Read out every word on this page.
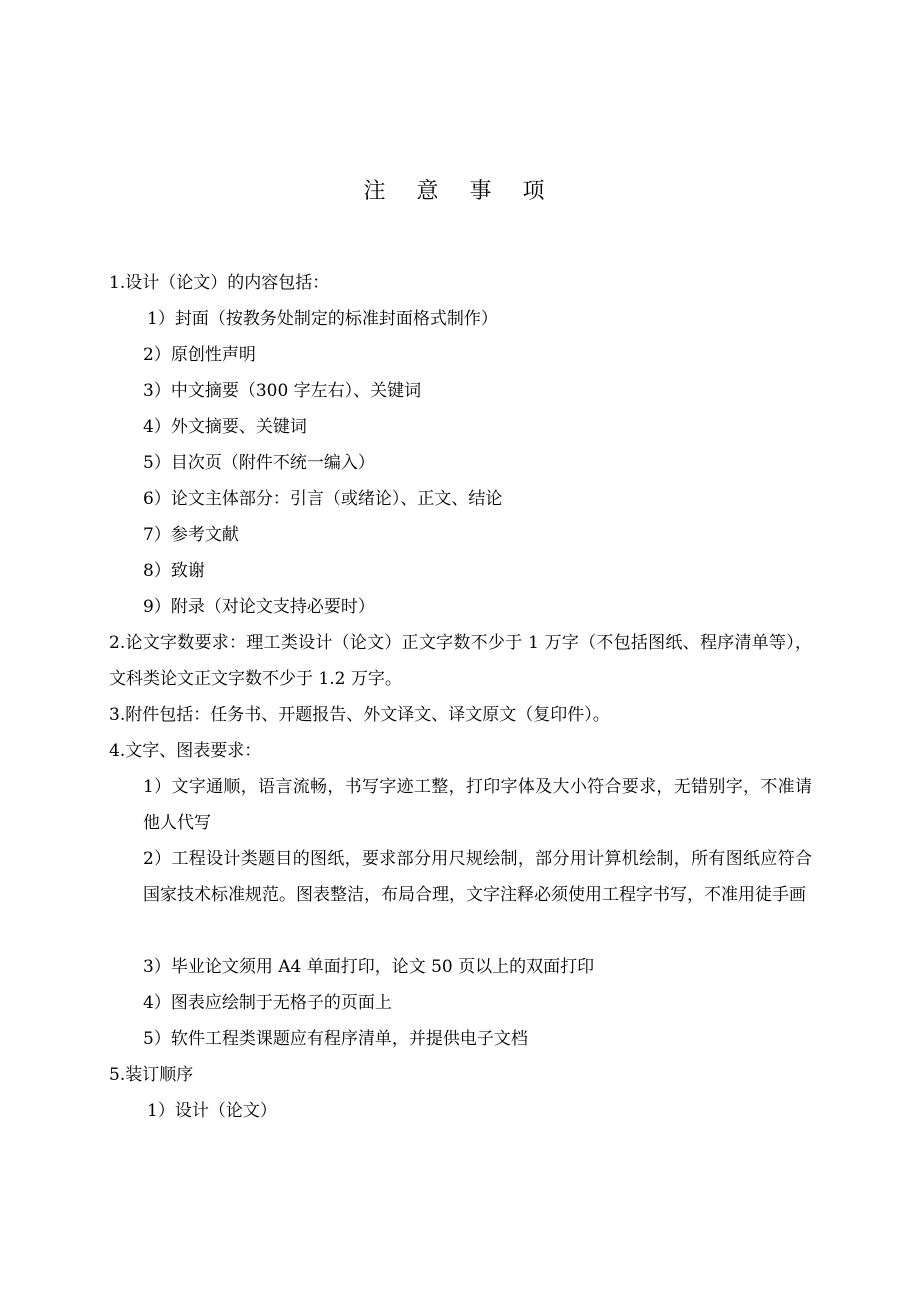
注 意 事 项
1.设计（论文）的内容包括：
1）封面（按教务处制定的标准封面格式制作）
2）原创性声明
3）中文摘要（300 字左右）、关键词
4）外文摘要、关键词
5）目次页（附件不统一编入）
6）论文主体部分：引言（或绪论）、正文、结论
7）参考文献
8）致谢
9）附录（对论文支持必要时）
2.论文字数要求：理工类设计（论文）正文字数不少于 1 万字（不包括图纸、程序清单等），文科类论文正文字数不少于 1.2 万字。
3.附件包括：任务书、开题报告、外文译文、译文原文（复印件）。
4.文字、图表要求：
1）文字通顺，语言流畅，书写字迹工整，打印字体及大小符合要求，无错别字，不准请他人代写
2）工程设计类题目的图纸，要求部分用尺规绘制，部分用计算机绘制，所有图纸应符合国家技术标准规范。图表整洁，布局合理，文字注释必须使用工程字书写，不准用徒手画
3）毕业论文须用 A4 单面打印，论文 50 页以上的双面打印
4）图表应绘制于无格子的页面上
5）软件工程类课题应有程序清单，并提供电子文档
5.装订顺序
1）设计（论文）
